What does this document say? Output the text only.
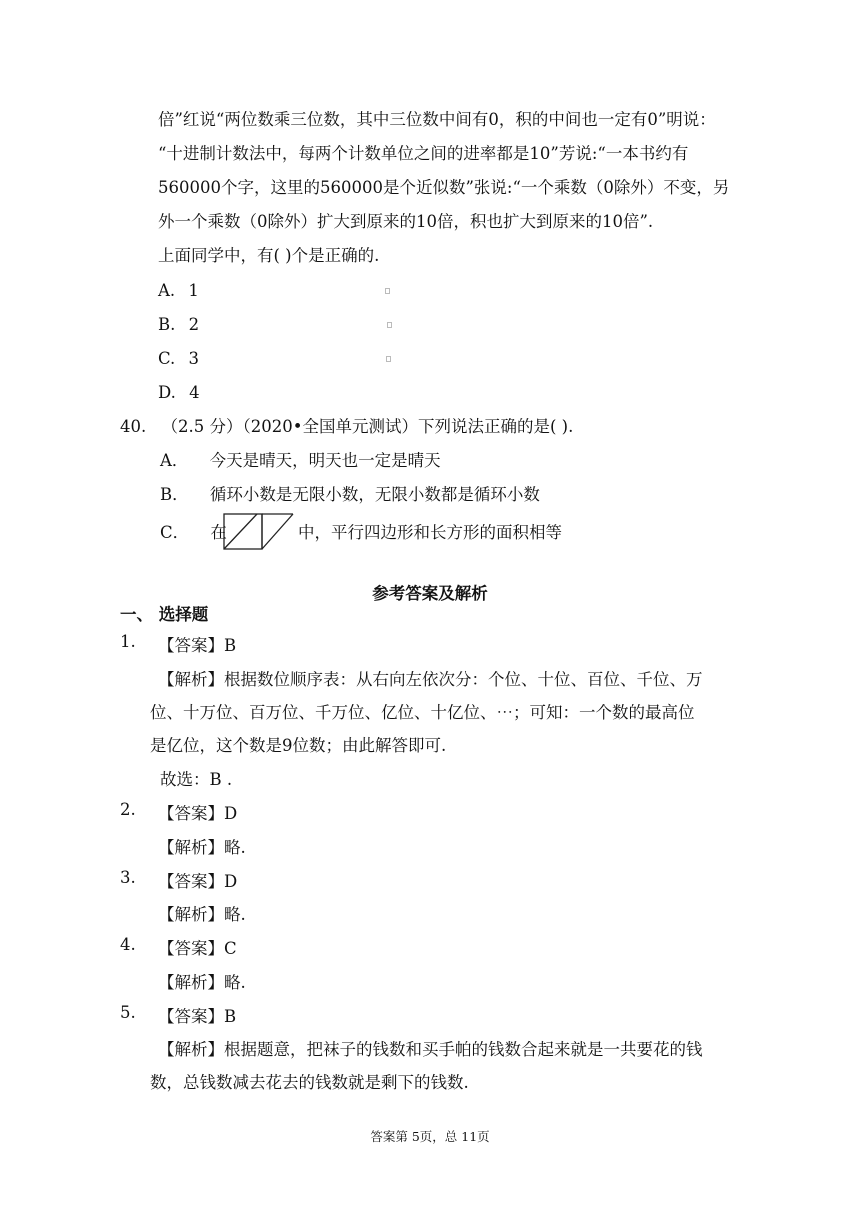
倍”红说“两位数乘三位数，其中三位数中间有0，积的中间也一定有0”明说：
“十进制计数法中，每两个计数单位之间的进率都是10”芳说:“一本书约有
560000个字，这里的560000是个近似数”张说:“一个乘数（0除外）不变，另
外一个乘数（0除外）扩大到原来的10倍，积也扩大到原来的10倍”.
上面同学中，有( )个是正确的.
A. 1
B. 2
C. 3
D. 4
40. （2.5 分）（2020•全国单元测试）下列说法正确的是( ).
A． 今天是晴天，明天也一定是晴天
B． 循环小数是无限小数，无限小数都是循环小数
C． 在	中，平行四边形和长方形的面积相等
参考答案及解析
一、 选择题
1. 【答案】B
【解析】根据数位顺序表：从右向左依次分：个位、十位、百位、千位、万
位、十万位、百万位、千万位、亿位、十亿位、⋯；可知：一个数的最高位
是亿位，这个数是9位数；由此解答即可.
故选：B .
2. 【答案】D
【解析】略.
3. 【答案】D
【解析】略.
4. 【答案】C
【解析】略.
5. 【答案】B
【解析】根据题意，把袜子的钱数和买手帕的钱数合起来就是一共要花的钱
数，总钱数减去花去的钱数就是剩下的钱数.
答案第 5页，总 11页
